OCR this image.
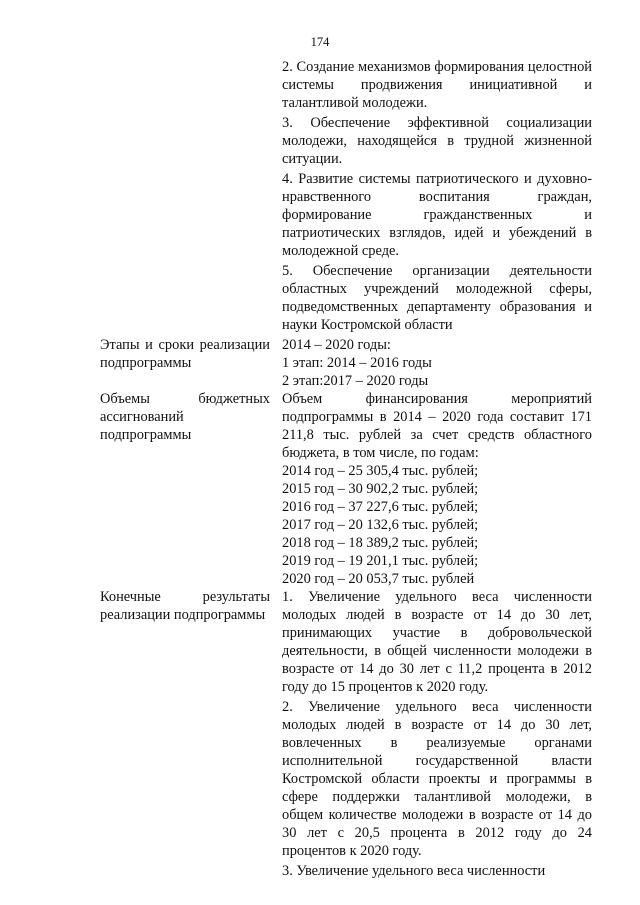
174
2. Создание механизмов формирования целостной системы продвижения инициативной и талантливой молодежи.
3. Обеспечение эффективной социализации молодежи, находящейся в трудной жизненной ситуации.
4. Развитие системы патриотического и духовно-нравственного воспитания граждан, формирование гражданственных и патриотических взглядов, идей и убеждений в молодежной среде.
5. Обеспечение организации деятельности областных учреждений молодежной сферы, подведомственных департаменту образования и науки Костромской области
Этапы и сроки реализации подпрограммы
2014 – 2020 годы:
1 этап: 2014 – 2016 годы
2 этап:2017 – 2020 годы
Объемы бюджетных ассигнований подпрограммы
Объем финансирования мероприятий подпрограммы в 2014 – 2020 года составит 171 211,8 тыс. рублей за счет средств областного бюджета, в том числе, по годам:
2014 год – 25 305,4 тыс. рублей;
2015 год – 30 902,2 тыс. рублей;
2016 год – 37 227,6 тыс. рублей;
2017 год – 20 132,6 тыс. рублей;
2018 год – 18 389,2 тыс. рублей;
2019 год – 19 201,1 тыс. рублей;
2020 год – 20 053,7 тыс. рублей
Конечные результаты реализации подпрограммы
1. Увеличение удельного веса численности молодых людей в возрасте от 14 до 30 лет, принимающих участие в добровольческой деятельности, в общей численности молодежи в возрасте от 14 до 30 лет с 11,2 процента в 2012 году до 15 процентов к 2020 году.
2. Увеличение удельного веса численности молодых людей в возрасте от 14 до 30 лет, вовлеченных в реализуемые органами исполнительной государственной власти Костромской области проекты и программы в сфере поддержки талантливой молодежи, в общем количестве молодежи в возрасте от 14 до 30 лет с 20,5 процента в 2012 году до 24 процентов к 2020 году.
3. Увеличение удельного веса численности
